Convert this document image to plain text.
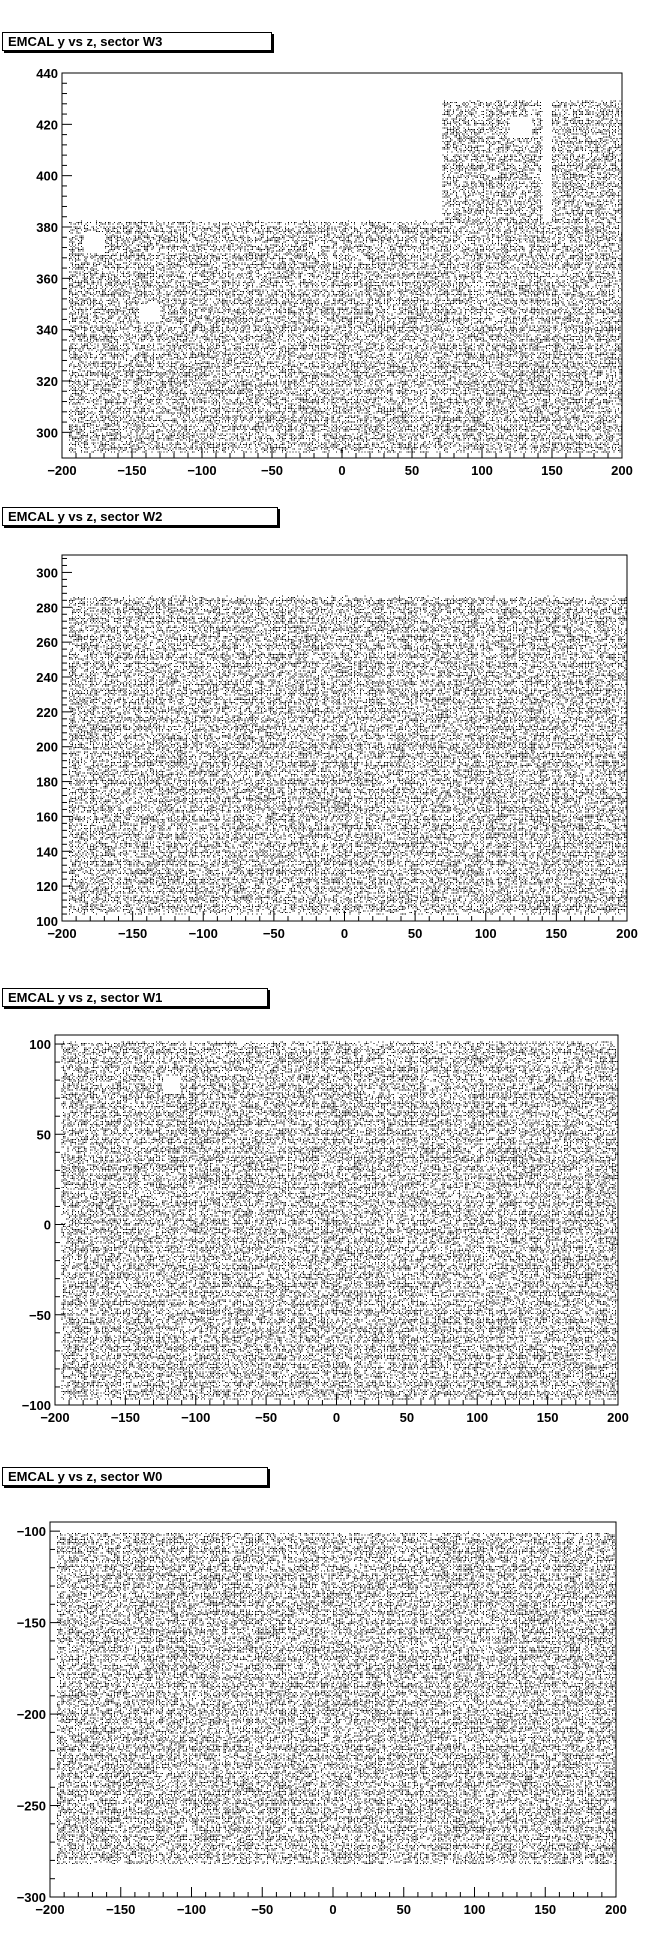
EMCAL y vs z, sector W3
−200	−150	−100	−50	0	50	100	150	200
300
320
340
360
380
400
420
440
EMCAL y vs z, sector W2
−200	−150	−100	−50	0	50	100	150	200
100
120
140
160
180
200
220
240
260
280
300
EMCAL y vs z, sector W1
−200	−150	−100	−50	0	50	100	150	200
−100
−50
0
50
100
EMCAL y vs z, sector W0
−200	−150	−100	−50	0	50	100	150	200
−300
−250
−200
−150
−100
